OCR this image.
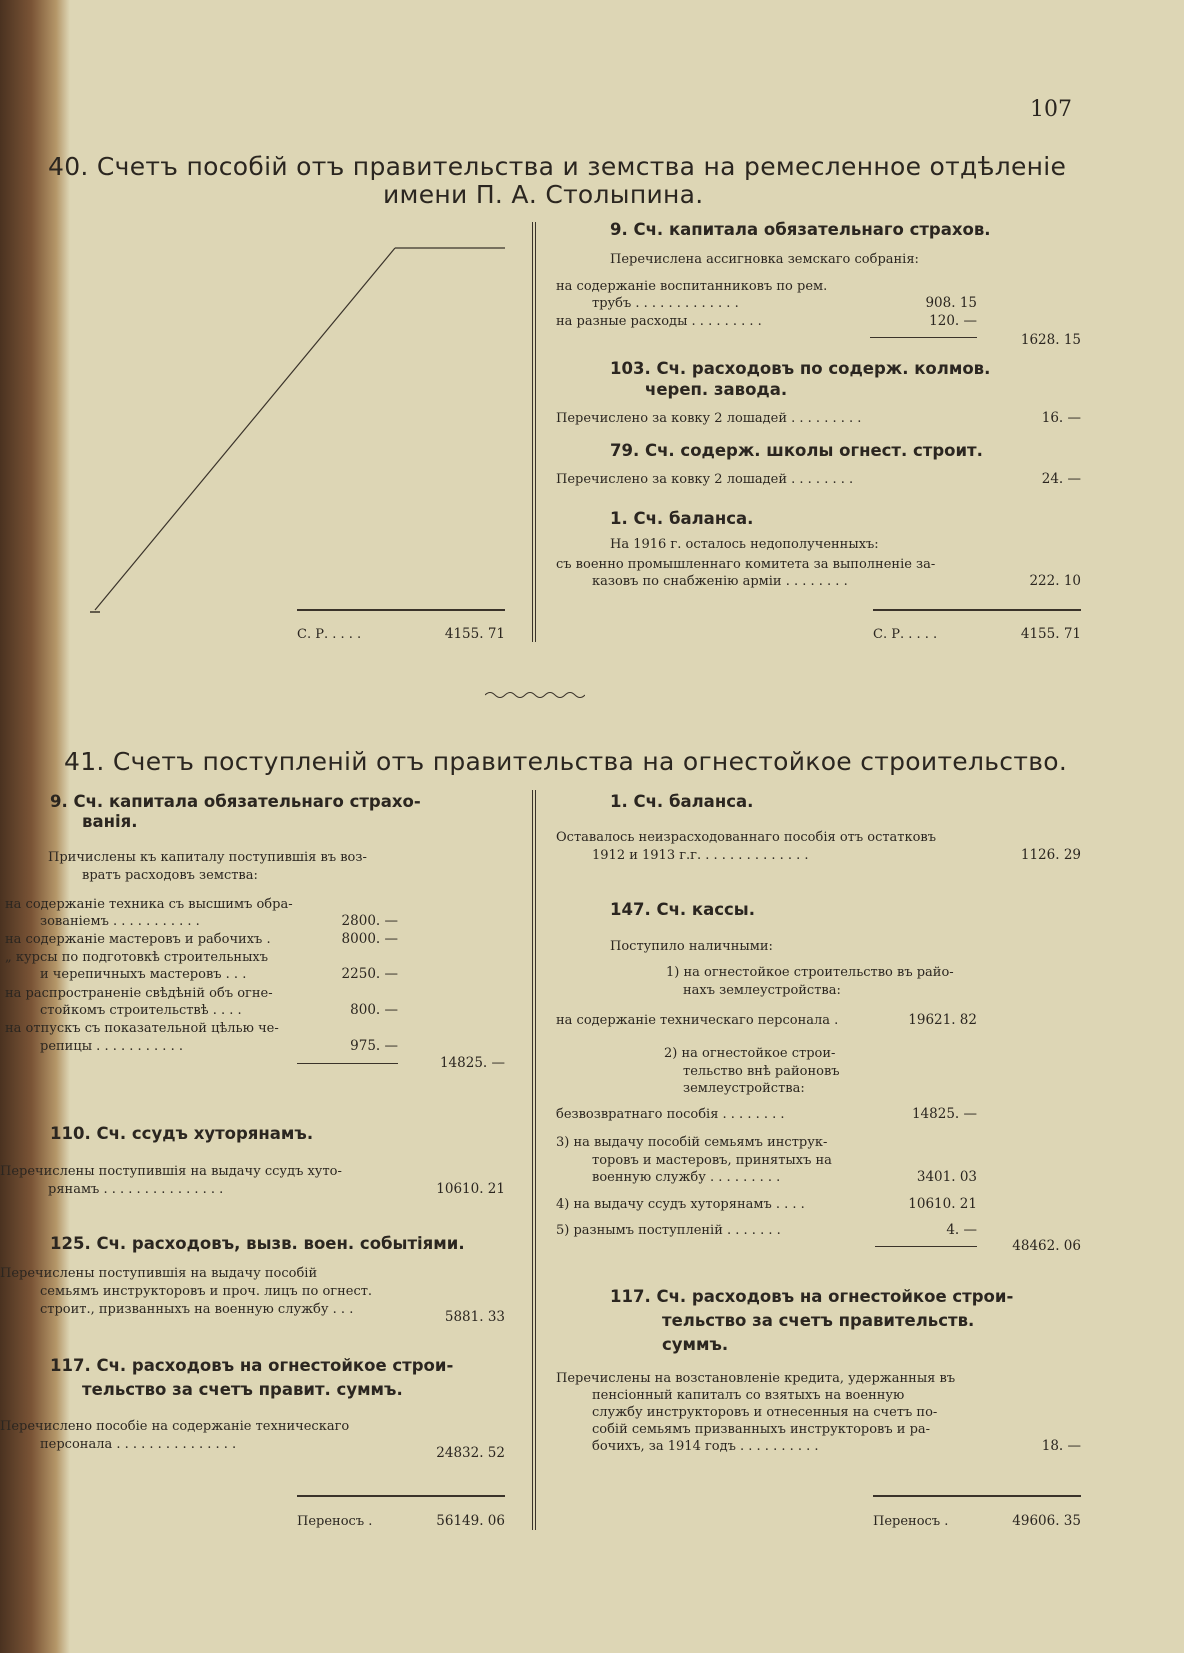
107
40. Счетъ пособій отъ правительства и земства на ремесленное отдѣленіе
имени П. А. Столыпина.
С. Р. . . . .	4155. 71
9. Сч. капитала обязательнаго страхов.
Перечислена ассигновка земскаго собранія:
на содержаніе воспитанниковъ по рем.
трубъ . . . . . . . . . . . . .	908. 15
на разные расходы . . . . . . . . .	120. —
1628. 15
103. Сч. расходовъ по содерж. колмов.
череп. завода.
Перечислено за ковку 2 лошадей . . . . . . . . .	16. —
79. Сч. содерж. школы огнест. строит.
Перечислено за ковку 2 лошадей . . . . . . . .	24. —
1. Сч. баланса.
На 1916 г. осталось недополученныхъ:
съ военно промышленнаго комитета за выполненіе за-
казовъ по снабженію арміи . . . . . . . .	222. 10
С. Р. . . . .	4155. 71
41. Счетъ поступленій отъ правительства на огнестойкое строительство.
9. Сч. капитала обязательнаго страхо-
ванія.
Причислены къ капиталу поступившія въ воз-
вратъ расходовъ земства:
на содержаніе техника съ высшимъ обра-
зованіемъ . . . . . . . . . . .	2800. —
на содержаніе мастеровъ и рабочихъ .	8000. —
„ курсы по подготовкѣ строительныхъ
и черепичныхъ мастеровъ . . .	2250. —
на распространеніе свѣдѣній объ огне-
стойкомъ строительствѣ . . . .	800. —
на отпускъ съ показательной цѣлью че-
репицы . . . . . . . . . . .	975. —
14825. —
110. Сч. ссудъ хуторянамъ.
Перечислены поступившія на выдачу ссудъ хуто-
рянамъ . . . . . . . . . . . . . . .	10610. 21
125. Сч. расходовъ, вызв. воен. событіями.
Перечислены поступившія на выдачу пособій
семьямъ инструкторовъ и проч. лицъ по огнест.
строит., призванныхъ на военную службу . . .	5881. 33
117. Сч. расходовъ на огнестойкое строи-
тельство за счетъ правит. суммъ.
Перечислено пособіе на содержаніе техническаго
персонала . . . . . . . . . . . . . . .
24832. 52
Переносъ .	56149. 06
1. Сч. баланса.
Оставалось неизрасходованнаго пособія отъ остатковъ
1912 и 1913 г.г. . . . . . . . . . . . . .	1126. 29
147. Сч. кассы.
Поступило наличными:
1) на огнестойкое строительство въ райо-
нахъ землеустройства:
на содержаніе техническаго персонала .	19621. 82
2) на огнестойкое строи-
тельство внѣ районовъ
землеустройства:
безвозвратнаго пособія . . . . . . . .	14825. —
3) на выдачу пособій семьямъ инструк-
торовъ и мастеровъ, принятыхъ на
военную службу . . . . . . . . .	3401. 03
4) на выдачу ссудъ хуторянамъ . . . .	10610. 21
5) разнымъ поступленій . . . . . . .	4. —
48462. 06
117. Сч. расходовъ на огнестойкое строи-
тельство за счетъ правительств.
суммъ.
Перечислены на возстановленіе кредита, удержанныя въ
пенсіонный капиталъ со взятыхъ на военную
службу инструкторовъ и отнесенныя на счетъ по-
собій семьямъ призванныхъ инструкторовъ и ра-
бочихъ, за 1914 годъ . . . . . . . . . .	18. —
Переносъ .	49606. 35
